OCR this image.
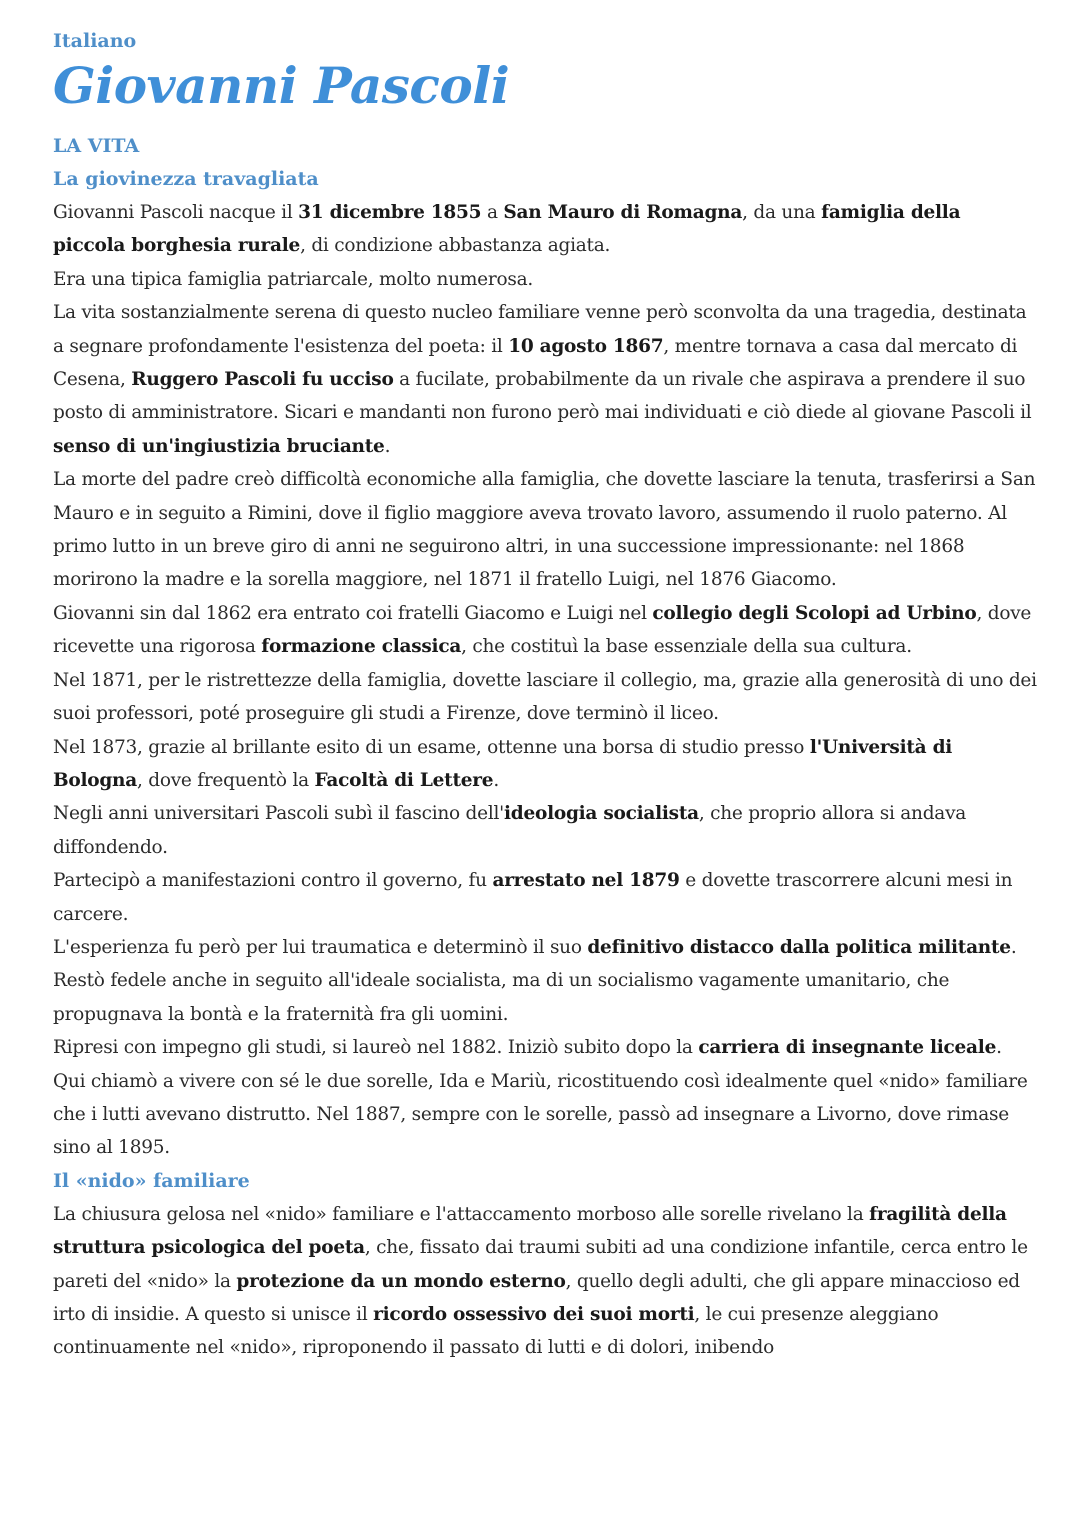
Italiano
Giovanni Pascoli
LA VITA
La giovinezza travagliata

Giovanni Pascoli nacque il 31 dicembre 1855 a San Mauro di Romagna, da una famiglia della piccola borghesia rurale, di condizione abbastanza agiata.

Era una tipica famiglia patriarcale, molto numerosa.

La vita sostanzialmente serena di questo nucleo familiare venne però sconvolta da una tragedia, destinata a segnare profondamente l'esistenza del poeta: il 10 agosto 1867, mentre tornava a casa dal mercato di Cesena, Ruggero Pascoli fu ucciso a fucilate, probabilmente da un rivale che aspirava a prendere il suo posto di amministratore. Sicari e mandanti non furono però mai individuati e ciò diede al giovane Pascoli il senso di un'ingiustizia bruciante.

La morte del padre creò difficoltà economiche alla famiglia, che dovette lasciare la tenuta, trasferirsi a San Mauro e in seguito a Rimini, dove il figlio maggiore aveva trovato lavoro, assumendo il ruolo paterno. Al primo lutto in un breve giro di anni ne seguirono altri, in una successione impressionante: nel 1868 morirono la madre e la sorella maggiore, nel 1871 il fratello Luigi, nel 1876 Giacomo.

Giovanni sin dal 1862 era entrato coi fratelli Giacomo e Luigi nel collegio degli Scolopi ad Urbino, dove ricevette una rigorosa formazione classica, che costituì la base essenziale della sua cultura.

Nel 1871, per le ristrettezze della famiglia, dovette lasciare il collegio, ma, grazie alla generosità di uno dei suoi professori, poté proseguire gli studi a Firenze, dove terminò il liceo.

Nel 1873, grazie al brillante esito di un esame, ottenne una borsa di studio presso l'Università di Bologna, dove frequentò la Facoltà di Lettere.

Negli anni universitari Pascoli subì il fascino dell'ideologia socialista, che proprio allora si andava diffondendo.

Partecipò a manifestazioni contro il governo, fu arrestato nel 1879 e dovette trascorrere alcuni mesi in carcere.

L'esperienza fu però per lui traumatica e determinò il suo definitivo distacco dalla politica militante. Restò fedele anche in seguito all'ideale socialista, ma di un socialismo vagamente umanitario, che propugnava la bontà e la fraternità fra gli uomini.

Ripresi con impegno gli studi, si laureò nel 1882. Iniziò subito dopo la carriera di insegnante liceale. Qui chiamò a vivere con sé le due sorelle, Ida e Mariù, ricostituendo così idealmente quel «nido» familiare che i lutti avevano distrutto. Nel 1887, sempre con le sorelle, passò ad insegnare a Livorno, dove rimase sino al 1895.

Il «nido» familiare

La chiusura gelosa nel «nido» familiare e l'attaccamento morboso alle sorelle rivelano la fragilità della struttura psicologica del poeta, che, fissato dai traumi subiti ad una condizione infantile, cerca entro le pareti del «nido» la protezione da un mondo esterno, quello degli adulti, che gli appare minaccioso ed irto di insidie. A questo si unisce il ricordo ossessivo dei suoi morti, le cui presenze aleggiano continuamente nel «nido», riproponendo il passato di lutti e di dolori, inibendo
